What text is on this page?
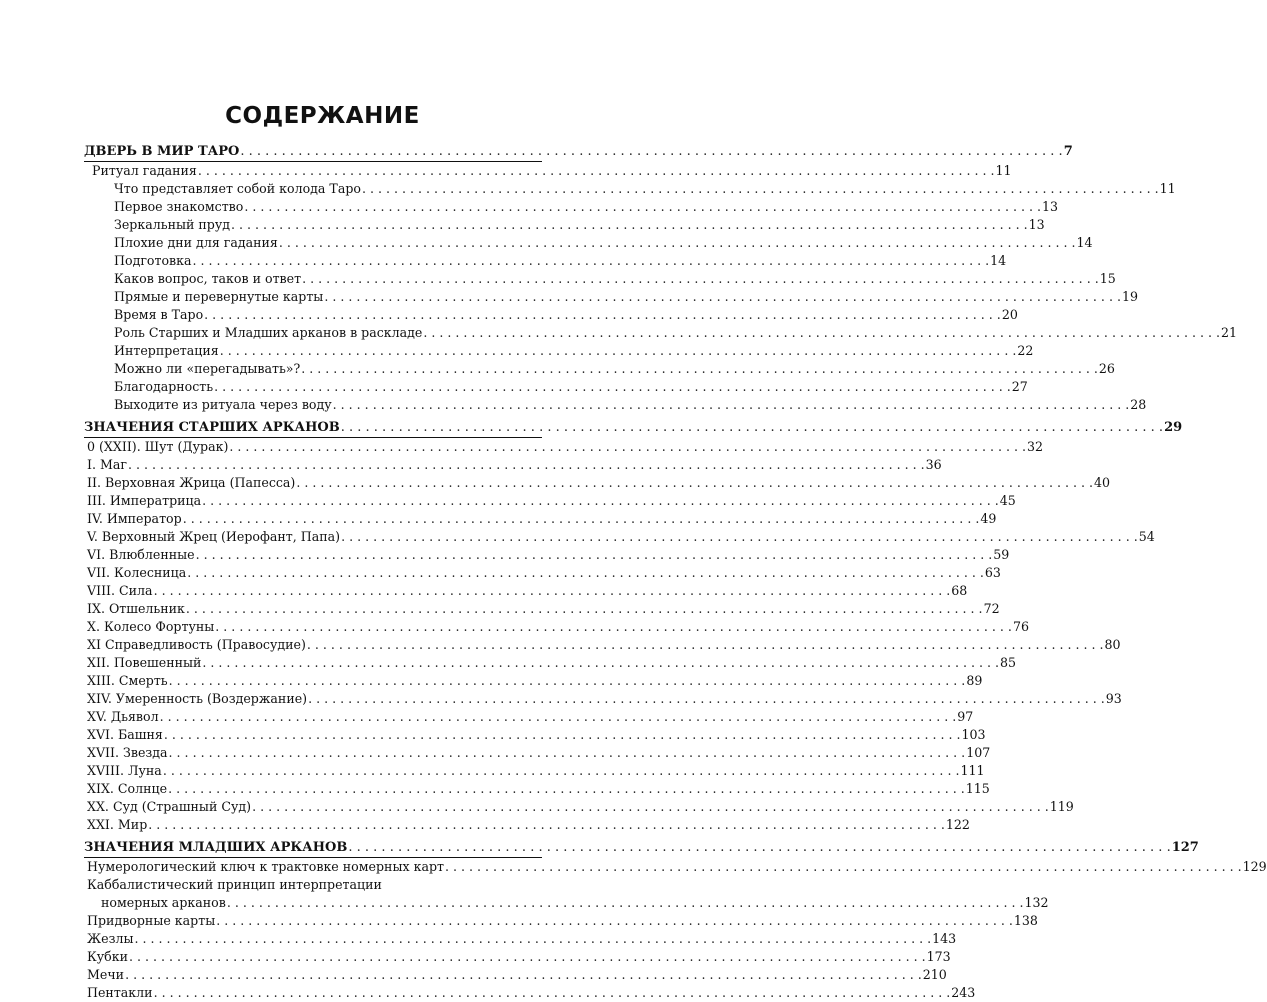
СОДЕРЖАНИЕ
ДВЕРЬ В МИР ТАРО . . .	7
Ритуал гадания . . .	11
Что представляет собой колода Таро . . .	11
Первое знакомство . . .	13
Зеркальный пруд . . .	13
Плохие дни для гадания . . .	14
Подготовка . . .	14
Каков вопрос, таков и ответ . . .	15
Прямые и перевернутые карты . . .	19
Время в Таро . . .	20
Роль Старших и Младших арканов в раскладе . . .	21
Интерпретация . . .	22
Можно ли «перегадывать»? . . .	26
Благодарность . . .	27
Выходите из ритуала через воду . . .	28
ЗНАЧЕНИЯ СТАРШИХ АРКАНОВ . . .	29
0 (XXII). Шут (Дурак) . . .	32
I. Маг . . .	36
II. Верховная Жрица (Папесса) . . .	40
III. Императрица . . .	45
IV. Император . . .	49
V. Верховный Жрец (Иерофант, Папа) . . .	54
VI. Влюбленные . . .	59
VII. Колесница . . .	63
VIII. Сила . . .	68
IX. Отшельник . . .	72
X. Колесо Фортуны . . .	76
XI Справедливость (Правосудие) . . .	80
XII. Повешенный . . .	85
XIII. Смерть . . .	89
XIV. Умеренность (Воздержание) . . .	93
XV. Дьявол . . .	97
XVI. Башня . . .	103
XVII. Звезда . . .	107
XVIII. Луна . . .	111
XIX. Солнце . . .	115
XX. Суд (Страшный Суд) . . .	119
XXI. Мир . . .	122
ЗНАЧЕНИЯ МЛАДШИХ АРКАНОВ . . .	127
Нумерологический ключ к трактовке номерных карт . . .	129
Каббалистический принцип интерпретации
номерных арканов . . .	132
Придворные карты . . .	138
Жезлы . . .	143
Кубки . . .	173
Мечи . . .	210
Пентакли . . .	243
